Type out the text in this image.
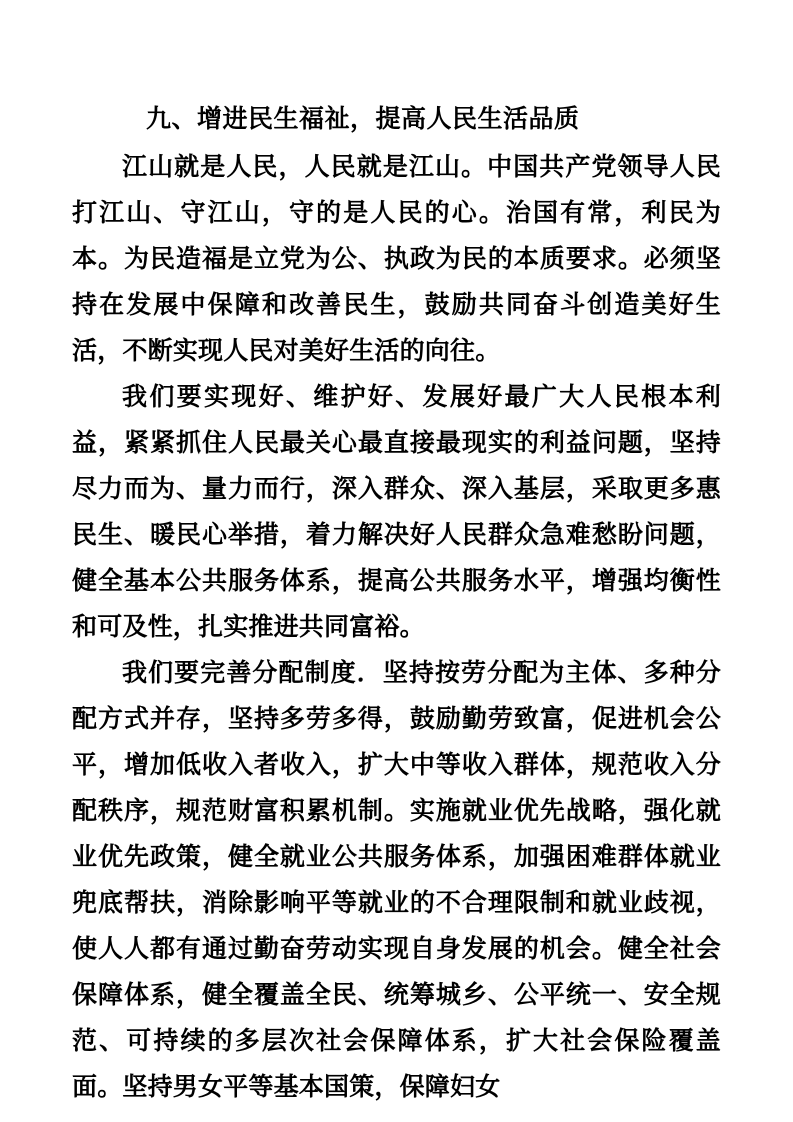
九、增进民生福祉，提高人民生活品质

江山就是人民，人民就是江山。中国共产党领导人民打江山、守江山，守的是人民的心。治国有常，利民为本。为民造福是立党为公、执政为民的本质要求。必须坚持在发展中保障和改善民生，鼓励共同奋斗创造美好生活，不断实现人民对美好生活的向往。

我们要实现好、维护好、发展好最广大人民根本利益，紧紧抓住人民最关心最直接最现实的利益问题，坚持尽力而为、量力而行，深入群众、深入基层，采取更多惠民生、暖民心举措，着力解决好人民群众急难愁盼问题，健全基本公共服务体系，提高公共服务水平，增强均衡性和可及性，扎实推进共同富裕。

我们要完善分配制度．坚持按劳分配为主体、多种分配方式并存，坚持多劳多得，鼓励勤劳致富，促进机会公平，增加低收入者收入，扩大中等收入群体，规范收入分配秩序，规范财富积累机制。实施就业优先战略，强化就业优先政策，健全就业公共服务体系，加强困难群体就业兜底帮扶，消除影响平等就业的不合理限制和就业歧视，使人人都有通过勤奋劳动实现自身发展的机会。健全社会保障体系，健全覆盖全民、统筹城乡、公平统一、安全规范、可持续的多层次社会保障体系，扩大社会保险覆盖面。坚持男女平等基本国策，保障妇女
